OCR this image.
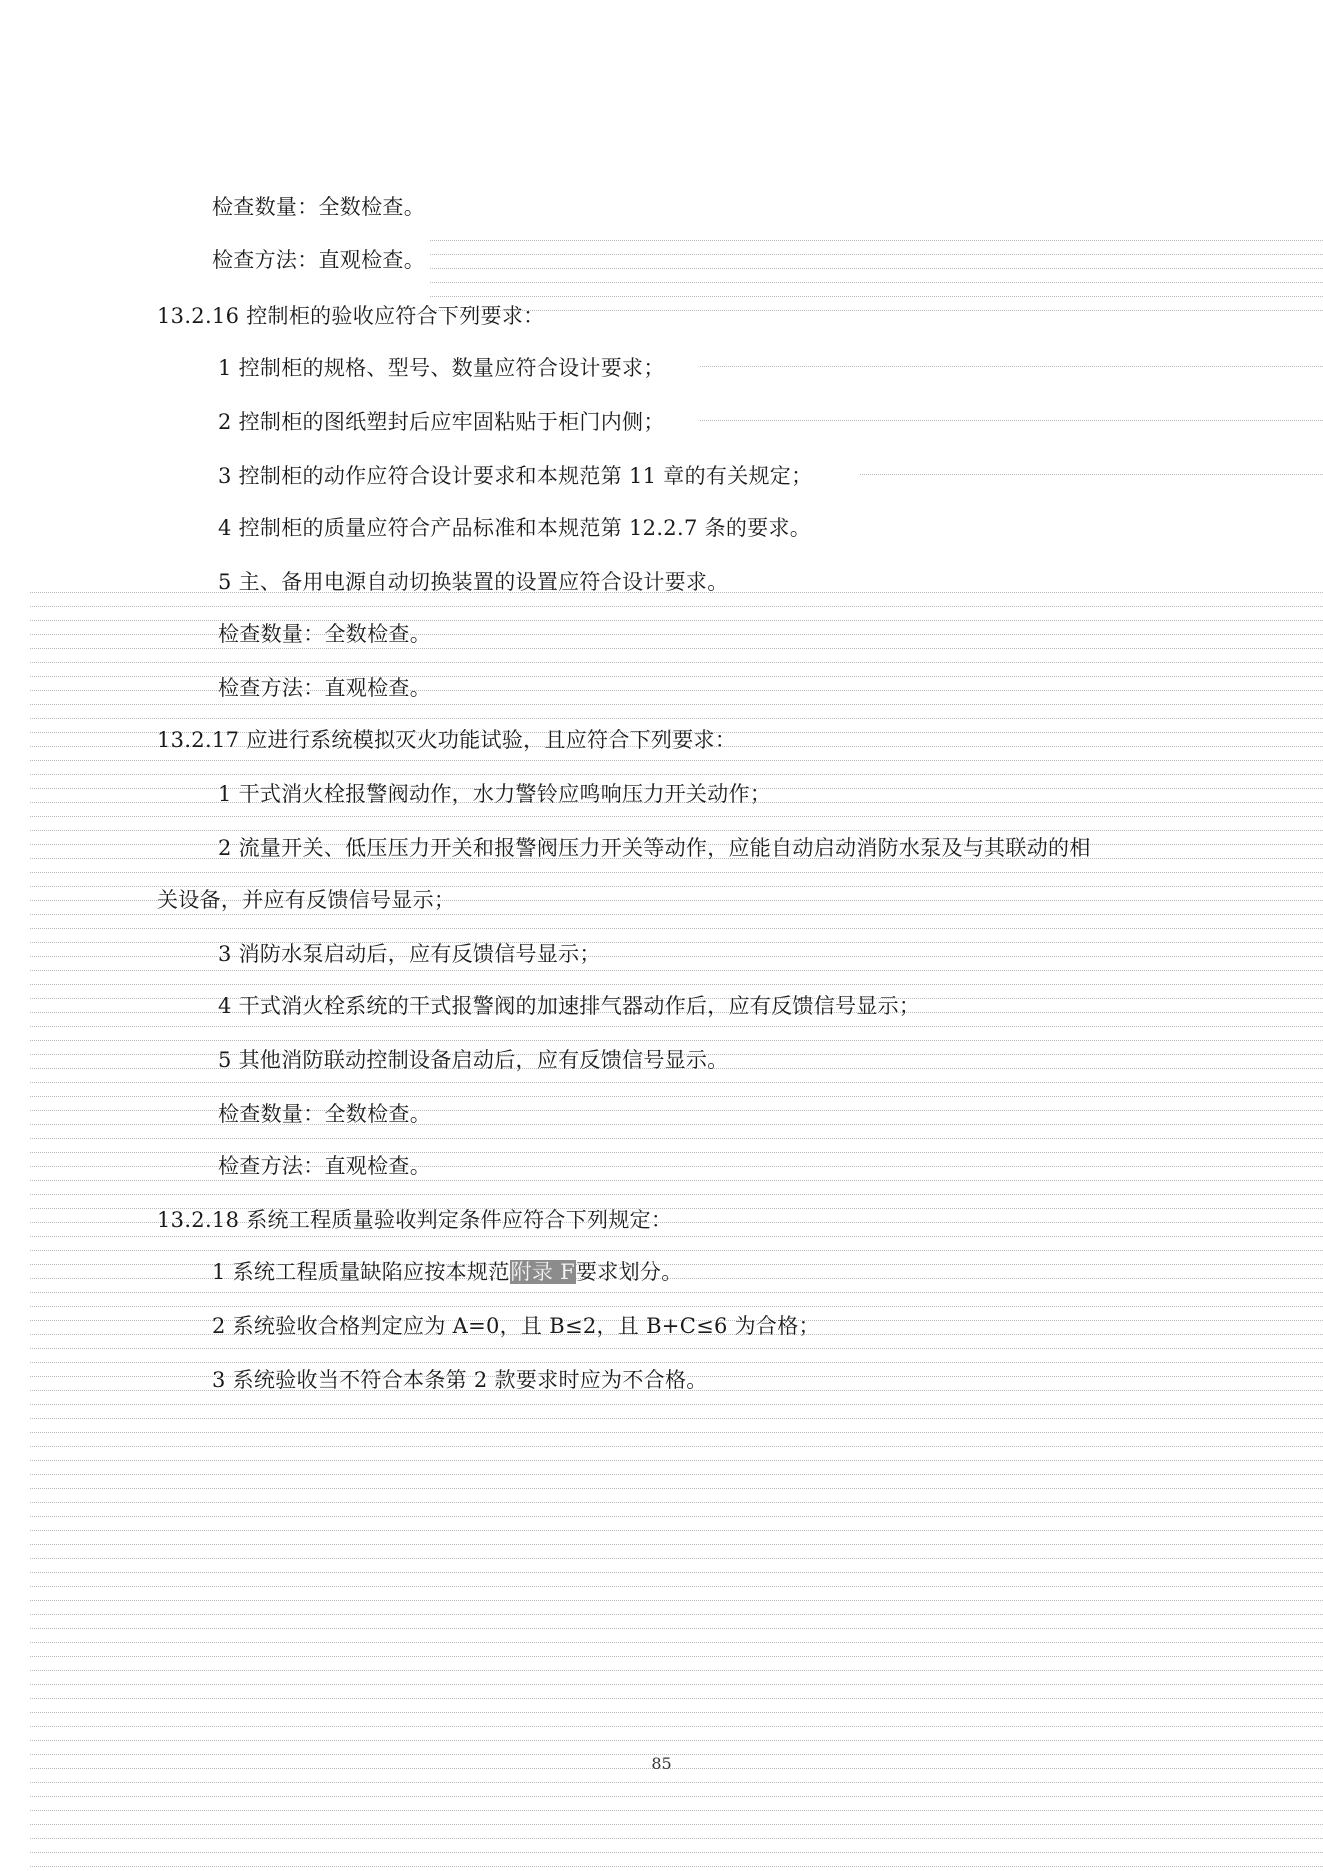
检查数量：全数检查。

检查方法：直观检查。

13.2.16 控制柜的验收应符合下列要求：

1 控制柜的规格、型号、数量应符合设计要求；

2 控制柜的图纸塑封后应牢固粘贴于柜门内侧；

3 控制柜的动作应符合设计要求和本规范第 11 章的有关规定；

4 控制柜的质量应符合产品标准和本规范第 12.2.7 条的要求。

5 主、备用电源自动切换装置的设置应符合设计要求。

检查数量：全数检查。

检查方法：直观检查。

13.2.17 应进行系统模拟灭火功能试验，且应符合下列要求：

1 干式消火栓报警阀动作，水力警铃应鸣响压力开关动作；

2 流量开关、低压压力开关和报警阀压力开关等动作，应能自动启动消防水泵及与其联动的相

关设备，并应有反馈信号显示；

3 消防水泵启动后，应有反馈信号显示；

4 干式消火栓系统的干式报警阀的加速排气器动作后，应有反馈信号显示；

5 其他消防联动控制设备启动后，应有反馈信号显示。

检查数量：全数检查。

检查方法：直观检查。

13.2.18 系统工程质量验收判定条件应符合下列规定：

1 系统工程质量缺陷应按本规范附录 F要求划分。

2 系统验收合格判定应为 A=0，且 B≤2，且 B+C≤6 为合格；

3 系统验收当不符合本条第 2 款要求时应为不合格。

85
